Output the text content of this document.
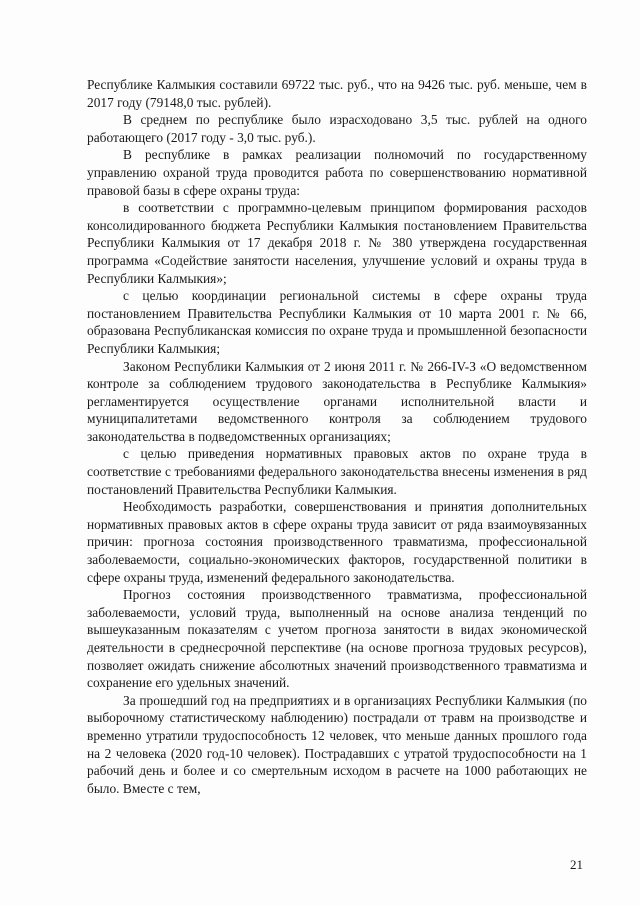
Республике Калмыкия составили 69722 тыс. руб., что на 9426 тыс. руб. меньше, чем в 2017 году (79148,0 тыс. рублей).

В среднем по республике было израсходовано 3,5 тыс. рублей на одного работающего (2017 году - 3,0 тыс. руб.).

В республике в рамках реализации полномочий по государственному управлению охраной труда проводится работа по совершенствованию нормативной правовой базы в сфере охраны труда:

в соответствии с программно-целевым принципом формирования расходов консолидированного бюджета Республики Калмыкия постановлением Правительства Республики Калмыкия от 17 декабря 2018 г. № 380 утверждена государственная программа «Содействие занятости населения, улучшение условий и охраны труда в Республики Калмыкия»;

с целью координации региональной системы в сфере охраны труда постановлением Правительства Республики Калмыкия от 10 марта 2001 г. № 66, образована Республиканская комиссия по охране труда и промышленной безопасности Республики Калмыкия;

Законом Республики Калмыкия от 2 июня 2011 г. № 266-IV-З «О ведомственном контроле за соблюдением трудового законодательства в Республике Калмыкия» регламентируется осуществление органами исполнительной власти и муниципалитетами ведомственного контроля за соблюдением трудового законодательства в подведомственных организациях;

с целью приведения нормативных правовых актов по охране труда в соответствие с требованиями федерального законодательства внесены изменения в ряд постановлений Правительства Республики Калмыкия.

Необходимость разработки, совершенствования и принятия дополнительных нормативных правовых актов в сфере охраны труда зависит от ряда взаимоувязанных причин: прогноза состояния производственного травматизма, профессиональной заболеваемости, социально-экономических факторов, государственной политики в сфере охраны труда, изменений федерального законодательства.

Прогноз состояния производственного травматизма, профессиональной заболеваемости, условий труда, выполненный на основе анализа тенденций по вышеуказанным показателям с учетом прогноза занятости в видах экономической деятельности в среднесрочной перспективе (на основе прогноза трудовых ресурсов), позволяет ожидать снижение абсолютных значений производственного травматизма и сохранение его удельных значений.

За прошедший год на предприятиях и в организациях Республики Калмыкия (по выборочному статистическому наблюдению) пострадали от травм на производстве и временно утратили трудоспособность 12 человек, что меньше данных прошлого года на 2 человека (2020 год-10 человек). Пострадавших с утратой трудоспособности на 1 рабочий день и более и со смертельным исходом в расчете на 1000 работающих не было. Вместе с тем,

21
